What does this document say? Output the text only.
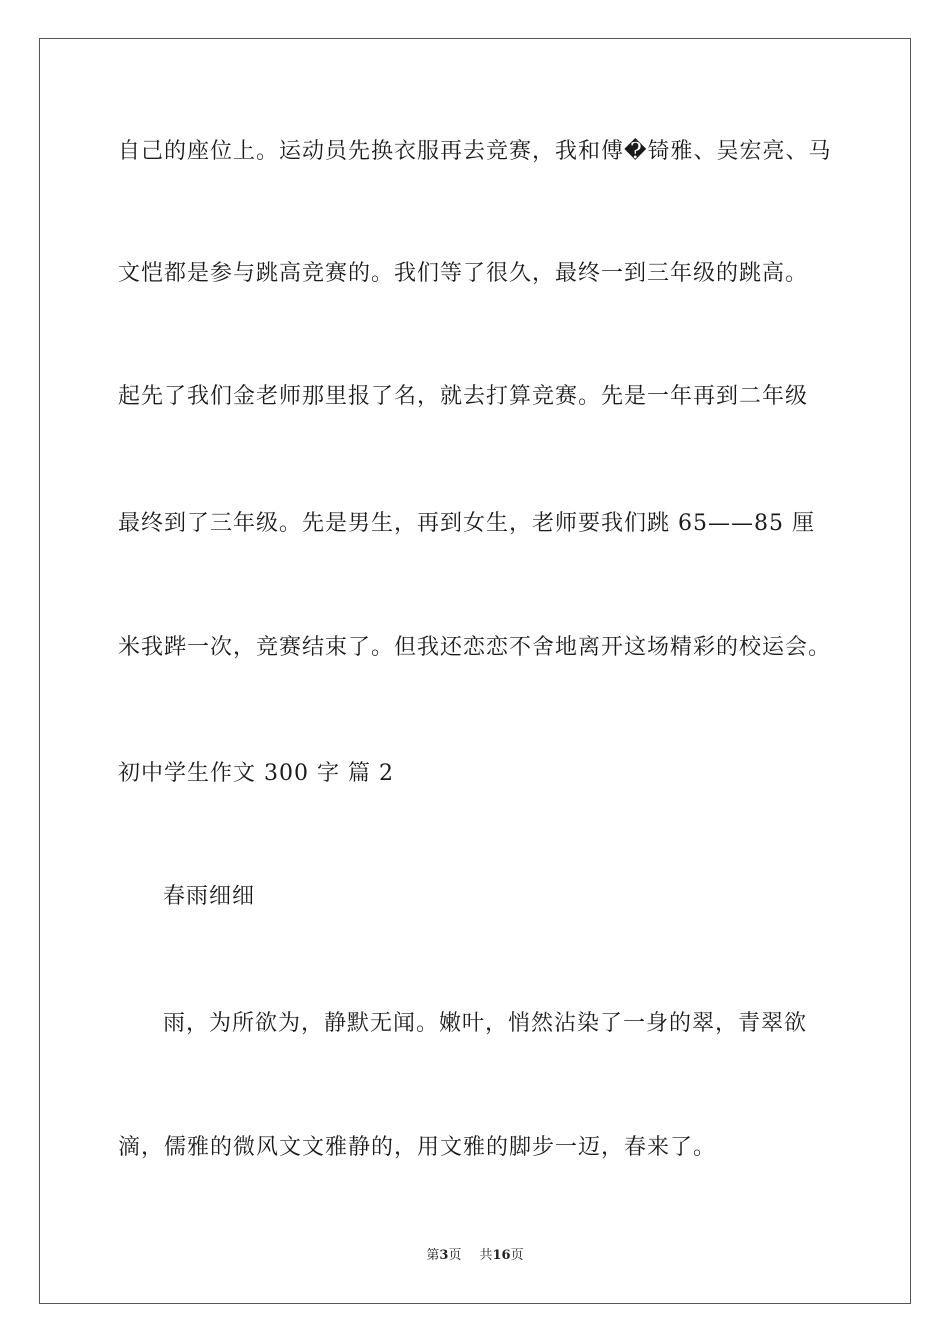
自己的座位上。运动员先换衣服再去竞赛，我和傅�锜雅、吴宏亮、马
文恺都是参与跳高竞赛的。我们等了很久，最终一到三年级的跳高。
起先了我们金老师那里报了名，就去打算竞赛。先是一年再到二年级
最终到了三年级。先是男生，再到女生，老师要我们跳 65——85 厘
米我跸一次，竞赛结束了。但我还恋恋不舍地离开这场精彩的校运会。
初中学生作文 300 字 篇 2
春雨细细
雨，为所欲为，静默无闻。嫩叶，悄然沾染了一身的翠，青翠欲
滴，儒雅的微风文文雅静的，用文雅的脚步一迈，春来了。
第3页 共16页
